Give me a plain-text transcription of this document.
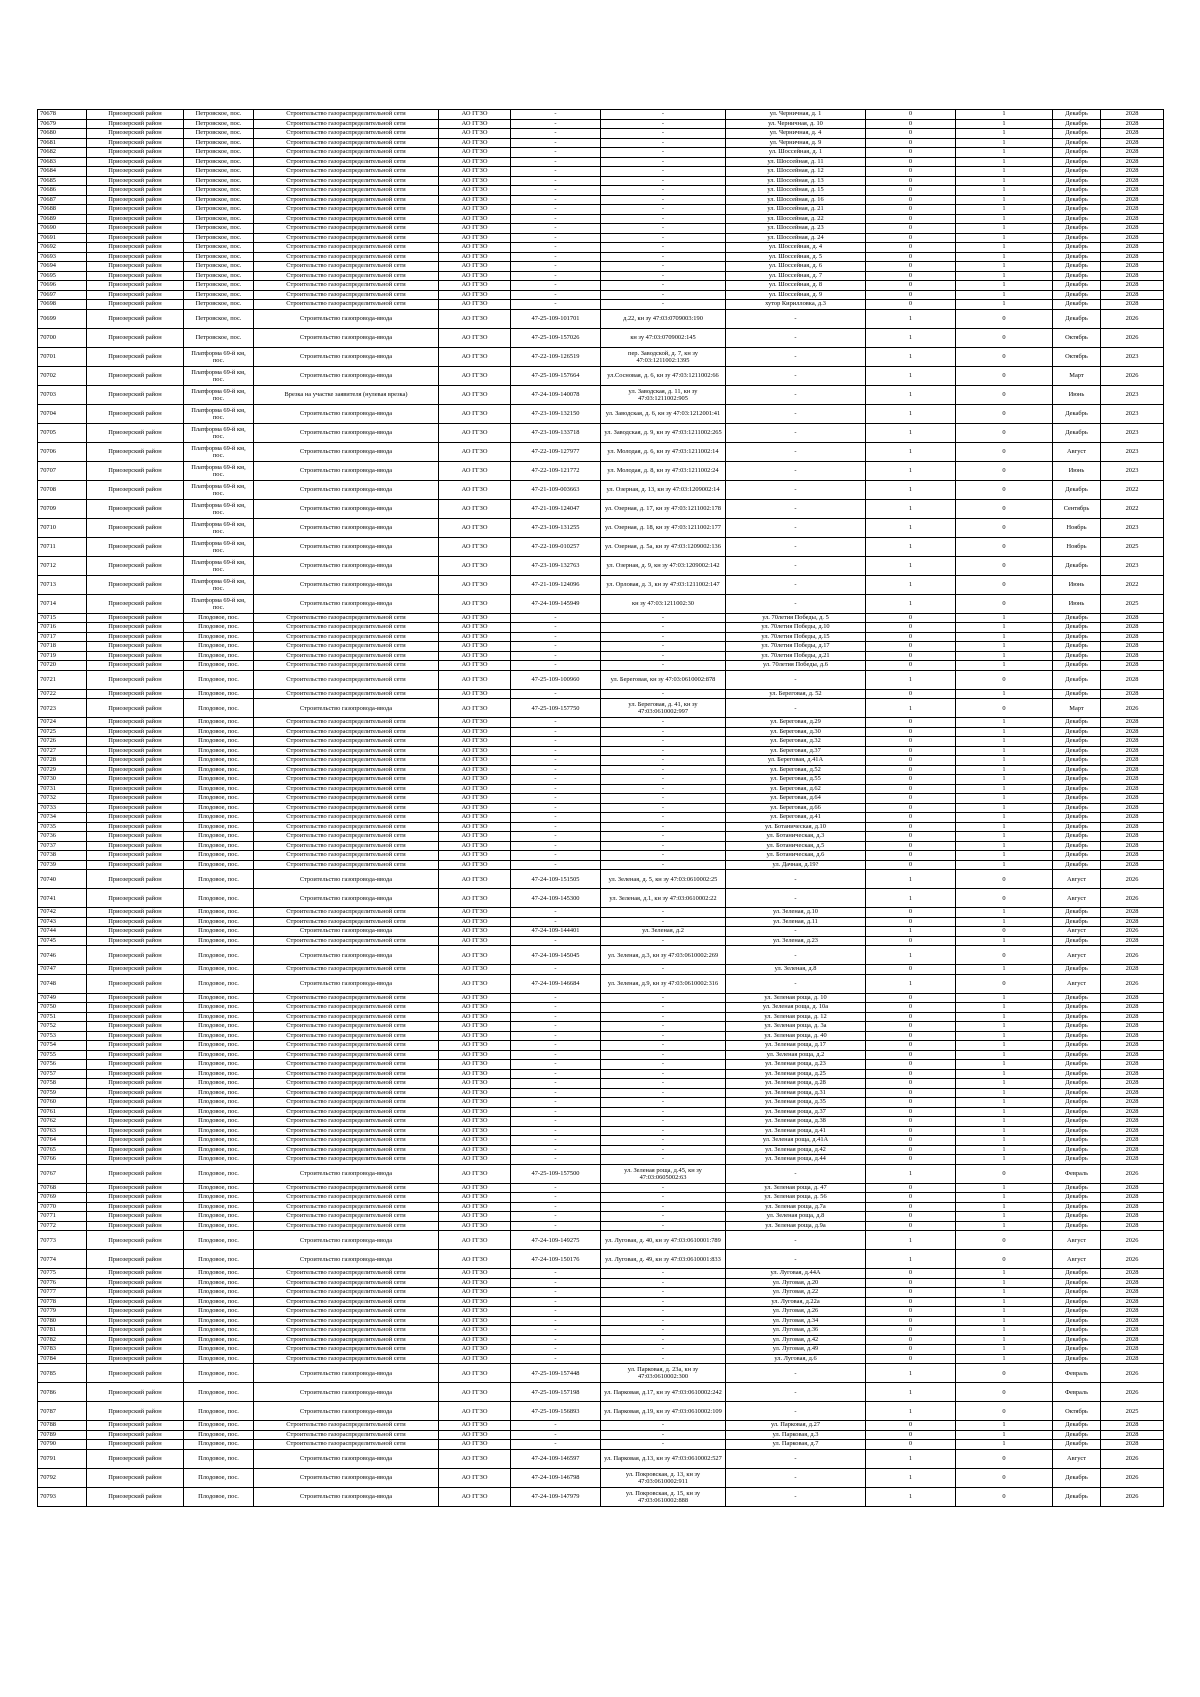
70678	Приозерский район	Петровское, пос.	Строительство газораспределительной сети	АО ГГЗО	-	-	ул. Черничная, д. 1	0	1	Декабрь	2028
70679	Приозерский район	Петровское, пос.	Строительство газораспределительной сети	АО ГГЗО	-	-	ул. Черничная, д. 10	0	1	Декабрь	2028
70680	Приозерский район	Петровское, пос.	Строительство газораспределительной сети	АО ГГЗО	-	-	ул. Черничная, д. 4	0	1	Декабрь	2028
70681	Приозерский район	Петровское, пос.	Строительство газораспределительной сети	АО ГГЗО	-	-	ул. Черничная, д. 9	0	1	Декабрь	2028
70682	Приозерский район	Петровское, пос.	Строительство газораспределительной сети	АО ГГЗО	-	-	ул. Шоссейная, д. 1	0	1	Декабрь	2028
70683	Приозерский район	Петровское, пос.	Строительство газораспределительной сети	АО ГГЗО	-	-	ул. Шоссейная, д. 11	0	1	Декабрь	2028
70684	Приозерский район	Петровское, пос.	Строительство газораспределительной сети	АО ГГЗО	-	-	ул. Шоссейная, д. 12	0	1	Декабрь	2028
70685	Приозерский район	Петровское, пос.	Строительство газораспределительной сети	АО ГГЗО	-	-	ул. Шоссейная, д. 13	0	1	Декабрь	2028
70686	Приозерский район	Петровское, пос.	Строительство газораспределительной сети	АО ГГЗО	-	-	ул. Шоссейная, д. 15	0	1	Декабрь	2028
70687	Приозерский район	Петровское, пос.	Строительство газораспределительной сети	АО ГГЗО	-	-	ул. Шоссейная, д. 16	0	1	Декабрь	2028
70688	Приозерский район	Петровское, пос.	Строительство газораспределительной сети	АО ГГЗО	-	-	ул. Шоссейная, д. 21	0	1	Декабрь	2028
70689	Приозерский район	Петровское, пос.	Строительство газораспределительной сети	АО ГГЗО	-	-	ул. Шоссейная, д. 22	0	1	Декабрь	2028
70690	Приозерский район	Петровское, пос.	Строительство газораспределительной сети	АО ГГЗО	-	-	ул. Шоссейная, д. 23	0	1	Декабрь	2028
70691	Приозерский район	Петровское, пос.	Строительство газораспределительной сети	АО ГГЗО	-	-	ул. Шоссейная, д. 24	0	1	Декабрь	2028
70692	Приозерский район	Петровское, пос.	Строительство газораспределительной сети	АО ГГЗО	-	-	ул. Шоссейная, д. 4	0	1	Декабрь	2028
70693	Приозерский район	Петровское, пос.	Строительство газораспределительной сети	АО ГГЗО	-	-	ул. Шоссейная, д. 5	0	1	Декабрь	2028
70694	Приозерский район	Петровское, пос.	Строительство газораспределительной сети	АО ГГЗО	-	-	ул. Шоссейная, д. 6	0	1	Декабрь	2028
70695	Приозерский район	Петровское, пос.	Строительство газораспределительной сети	АО ГГЗО	-	-	ул. Шоссейная, д. 7	0	1	Декабрь	2028
70696	Приозерский район	Петровское, пос.	Строительство газораспределительной сети	АО ГГЗО	-	-	ул. Шоссейная, д. 8	0	1	Декабрь	2028
70697	Приозерский район	Петровское, пос.	Строительство газораспределительной сети	АО ГГЗО	-	-	ул. Шоссейная, д. 9	0	1	Декабрь	2028
70698	Приозерский район	Петровское, пос.	Строительство газораспределительной сети	АО ГГЗО	-	-	хутор Кирилловка, д.3	0	1	Декабрь	2028
70699	Приозерский район	Петровское, пос.	Строительство газопровода-ввода	АО ГГЗО	47-25-109-101701	д.22, кн зу 47:03:0709003:190	-	1	0	Декабрь	2026
70700	Приозерский район	Петровское, пос.	Строительство газопровода-ввода	АО ГГЗО	47-25-109-157026	кн зу 47:03:0709002:145	-	1	0	Октябрь	2026
70701	Приозерский район	Платформа 69-й км, пос.	Строительство газопровода-ввода	АО ГГЗО	47-22-109-126519	пер. Заводской, д. 7, кн зу 47:03:1211002:1395	-	1	0	Октябрь	2023
70702	Приозерский район	Платформа 69-й км, пос.	Строительство газопровода-ввода	АО ГГЗО	47-25-109-157664	ул.Сосновая, д. 6, кн зу 47:03:1211002:66	-	1	0	Март	2026
70703	Приозерский район	Платформа 69-й км, пос.	Врезка на участке заявителя (нулевая врезка)	АО ГГЗО	47-24-109-140078	ул. Заводская, д. 11, кн зу 47:03:1211002:905	-	1	0	Июнь	2023
70704	Приозерский район	Платформа 69-й км, пос.	Строительство газопровода-ввода	АО ГГЗО	47-23-109-132150	ул. Заводская, д. 6, кн зу 47:03:1212001:41	-	1	0	Декабрь	2023
70705	Приозерский район	Платформа 69-й км, пос.	Строительство газопровода-ввода	АО ГГЗО	47-23-109-133718	ул. Заводская, д. 9, кн зу 47:03:1211002:265	-	1	0	Декабрь	2023
70706	Приозерский район	Платформа 69-й км, пос.	Строительство газопровода-ввода	АО ГГЗО	47-22-109-127977	ул. Молодая, д. 6, кн зу 47:03:1211002:14	-	1	0	Август	2023
70707	Приозерский район	Платформа 69-й км, пос.	Строительство газопровода-ввода	АО ГГЗО	47-22-109-121772	ул. Молодая, д. 8, кн зу 47:03:1211002:24	-	1	0	Июнь	2023
70708	Приозерский район	Платформа 69-й км, пос.	Строительство газопровода-ввода	АО ГГЗО	47-21-109-003663	ул. Озерная, д. 13, кн зу 47:03:1209002:14	-	1	0	Декабрь	2022
70709	Приозерский район	Платформа 69-й км, пос.	Строительство газопровода-ввода	АО ГГЗО	47-21-109-124047	ул. Озерная, д. 17, кн зу 47:03:1211002:178	-	1	0	Сентябрь	2022
70710	Приозерский район	Платформа 69-й км, пос.	Строительство газопровода-ввода	АО ГГЗО	47-23-109-131255	ул. Озерная, д. 18, кн зу 47:03:1211002:177	-	1	0	Ноябрь	2023
70711	Приозерский район	Платформа 69-й км, пос.	Строительство газопровода-ввода	АО ГГЗО	47-22-109-010257	ул. Озерная, д. 5а, кн зу 47:03:1209002:136	-	1	0	Ноябрь	2025
70712	Приозерский район	Платформа 69-й км, пос.	Строительство газопровода-ввода	АО ГГЗО	47-23-109-132763	ул. Озерная, д. 9, кн зу 47:03:1209002:142	-	1	0	Декабрь	2023
70713	Приозерский район	Платформа 69-й км, пос.	Строительство газопровода-ввода	АО ГГЗО	47-21-109-124096	ул. Орловая, д. 3, кн зу 47:03:1211002:147	-	1	0	Июнь	2022
70714	Приозерский район	Платформа 69-й км, пос.	Строительство газопровода-ввода	АО ГГЗО	47-24-109-145949	кн зу 47:03:1211002:30	-	1	0	Июнь	2025
70715	Приозерский район	Плодовое, пос.	Строительство газораспределительной сети	АО ГГЗО	-	-	ул. 70летия Победы, д. 5	0	1	Декабрь	2028
70716	Приозерский район	Плодовое, пос.	Строительство газораспределительной сети	АО ГГЗО	-	-	ул. 70летия Победы, д.10	0	1	Декабрь	2028
70717	Приозерский район	Плодовое, пос.	Строительство газораспределительной сети	АО ГГЗО	-	-	ул. 70летия Победы, д.15	0	1	Декабрь	2028
70718	Приозерский район	Плодовое, пос.	Строительство газораспределительной сети	АО ГГЗО	-	-	ул. 70летия Победы, д.17	0	1	Декабрь	2028
70719	Приозерский район	Плодовое, пос.	Строительство газораспределительной сети	АО ГГЗО	-	-	ул. 70летия Победы, д.21	0	1	Декабрь	2028
70720	Приозерский район	Плодовое, пос.	Строительство газораспределительной сети	АО ГГЗО	-	-	ул. 70летия Победы, д.6	0	1	Декабрь	2028
70721	Приозерский район	Плодовое, пос.	Строительство газораспределительной сети	АО ГГЗО	47-25-109-100960	ул. Береговая, кн зу 47:03:0610002:878	-	1	0	Декабрь	2028
70722	Приозерский район	Плодовое, пос.	Строительство газораспределительной сети	АО ГГЗО	-	-	ул. Береговая, д. 52	0	1	Декабрь	2028
70723	Приозерский район	Плодовое, пос.	Строительство газопровода-ввода	АО ГГЗО	47-25-109-157750	ул. Береговая, д. 41, кн зу 47:03:0610002:997	-	1	0	Март	2026
70724	Приозерский район	Плодовое, пос.	Строительство газораспределительной сети	АО ГГЗО	-	-	ул. Береговая, д.29	0	1	Декабрь	2028
70725	Приозерский район	Плодовое, пос.	Строительство газораспределительной сети	АО ГГЗО	-	-	ул. Береговая, д.30	0	1	Декабрь	2028
70726	Приозерский район	Плодовое, пос.	Строительство газораспределительной сети	АО ГГЗО	-	-	ул. Береговая, д.32	0	1	Декабрь	2028
70727	Приозерский район	Плодовое, пос.	Строительство газораспределительной сети	АО ГГЗО	-	-	ул. Береговая, д.37	0	1	Декабрь	2028
70728	Приозерский район	Плодовое, пос.	Строительство газораспределительной сети	АО ГГЗО	-	-	ул. Береговая, д.41А	0	1	Декабрь	2028
70729	Приозерский район	Плодовое, пос.	Строительство газораспределительной сети	АО ГГЗО	-	-	ул. Береговая, д.52	0	1	Декабрь	2028
70730	Приозерский район	Плодовое, пос.	Строительство газораспределительной сети	АО ГГЗО	-	-	ул. Береговая, д.55	0	1	Декабрь	2028
70731	Приозерский район	Плодовое, пос.	Строительство газораспределительной сети	АО ГГЗО	-	-	ул. Береговая, д.62	0	1	Декабрь	2028
70732	Приозерский район	Плодовое, пос.	Строительство газораспределительной сети	АО ГГЗО	-	-	ул. Береговая, д.64	0	1	Декабрь	2028
70733	Приозерский район	Плодовое, пос.	Строительство газораспределительной сети	АО ГГЗО	-	-	ул. Береговая, д.66	0	1	Декабрь	2028
70734	Приозерский район	Плодовое, пос.	Строительство газораспределительной сети	АО ГГЗО	-	-	ул. Береговая, д.41	0	1	Декабрь	2028
70735	Приозерский район	Плодовое, пос.	Строительство газораспределительной сети	АО ГГЗО	-	-	ул. Ботаническая, д.10	0	1	Декабрь	2028
70736	Приозерский район	Плодовое, пос.	Строительство газораспределительной сети	АО ГГЗО	-	-	ул. Ботаническая, д.3	0	1	Декабрь	2028
70737	Приозерский район	Плодовое, пос.	Строительство газораспределительной сети	АО ГГЗО	-	-	ул. Ботаническая, д.5	0	1	Декабрь	2028
70738	Приозерский район	Плодовое, пос.	Строительство газораспределительной сети	АО ГГЗО	-	-	ул. Ботаническая, д.6	0	1	Декабрь	2028
70739	Приозерский район	Плодовое, пос.	Строительство газораспределительной сети	АО ГГЗО	-	-	ул. Дачная, д.19?	0	1	Декабрь	2028
70740	Приозерский район	Плодовое, пос.	Строительство газопровода-ввода	АО ГГЗО	47-24-109-151505	ул. Зеленая, д. 5, кн зу 47:03:0610002:25	-	1	0	Август	2026
70741	Приозерский район	Плодовое, пос.	Строительство газопровода-ввода	АО ГГЗО	47-24-109-145300	ул. Зеленая, д.1, кн зу 47:03:0610002:22	-	1	0	Август	2026
70742	Приозерский район	Плодовое, пос.	Строительство газораспределительной сети	АО ГГЗО	-	-	ул. Зеленая, д.10	0	1	Декабрь	2028
70743	Приозерский район	Плодовое, пос.	Строительство газораспределительной сети	АО ГГЗО	-	-	ул. Зеленая, д.11	0	1	Декабрь	2028
70744	Приозерский район	Плодовое, пос.	Строительство газопровода-ввода	АО ГГЗО	47-24-109-144401	ул. Зеленая, д.2	-	1	0	Август	2026
70745	Приозерский район	Плодовое, пос.	Строительство газораспределительной сети	АО ГГЗО	-	-	ул. Зеленая, д.23	0	1	Декабрь	2028
70746	Приозерский район	Плодовое, пос.	Строительство газопровода-ввода	АО ГГЗО	47-24-109-145045	ул. Зеленая, д.3, кн зу 47:03:0610002:269	-	1	0	Август	2026
70747	Приозерский район	Плодовое, пос.	Строительство газораспределительной сети	АО ГГЗО	-	-	ул. Зеленая, д.8	0	1	Декабрь	2028
70748	Приозерский район	Плодовое, пос.	Строительство газопровода-ввода	АО ГГЗО	47-24-109-146684	ул. Зеленая, д.9, кн зу 47:03:0610002:316	-	1	0	Август	2026
70749	Приозерский район	Плодовое, пос.	Строительство газораспределительной сети	АО ГГЗО	-	-	ул. Зеленая роща, д. 10	0	1	Декабрь	2028
70750	Приозерский район	Плодовое, пос.	Строительство газораспределительной сети	АО ГГЗО	-	-	ул. Зеленая роща, д. 10а	0	1	Декабрь	2028
70751	Приозерский район	Плодовое, пос.	Строительство газораспределительной сети	АО ГГЗО	-	-	ул. Зеленая роща, д. 12	0	1	Декабрь	2028
70752	Приозерский район	Плодовое, пос.	Строительство газораспределительной сети	АО ГГЗО	-	-	ул. Зеленая роща, д. 3а	0	1	Декабрь	2028
70753	Приозерский район	Плодовое, пос.	Строительство газораспределительной сети	АО ГГЗО	-	-	ул. Зеленая роща, д. 40	0	1	Декабрь	2028
70754	Приозерский район	Плодовое, пос.	Строительство газораспределительной сети	АО ГГЗО	-	-	ул. Зеленая роща, д.17	0	1	Декабрь	2028
70755	Приозерский район	Плодовое, пос.	Строительство газораспределительной сети	АО ГГЗО	-	-	ул. Зеленая роща, д.2	0	1	Декабрь	2028
70756	Приозерский район	Плодовое, пос.	Строительство газораспределительной сети	АО ГГЗО	-	-	ул. Зеленая роща, д.23	0	1	Декабрь	2028
70757	Приозерский район	Плодовое, пос.	Строительство газораспределительной сети	АО ГГЗО	-	-	ул. Зеленая роща, д.25	0	1	Декабрь	2028
70758	Приозерский район	Плодовое, пос.	Строительство газораспределительной сети	АО ГГЗО	-	-	ул. Зеленая роща, д.28	0	1	Декабрь	2028
70759	Приозерский район	Плодовое, пос.	Строительство газораспределительной сети	АО ГГЗО	-	-	ул. Зеленая роща, д.31	0	1	Декабрь	2028
70760	Приозерский район	Плодовое, пос.	Строительство газораспределительной сети	АО ГГЗО	-	-	ул. Зеленая роща, д.35	0	1	Декабрь	2028
70761	Приозерский район	Плодовое, пос.	Строительство газораспределительной сети	АО ГГЗО	-	-	ул. Зеленая роща, д.37	0	1	Декабрь	2028
70762	Приозерский район	Плодовое, пос.	Строительство газораспределительной сети	АО ГГЗО	-	-	ул. Зеленая роща, д.38	0	1	Декабрь	2028
70763	Приозерский район	Плодовое, пос.	Строительство газораспределительной сети	АО ГГЗО	-	-	ул. Зеленая роща, д.41	0	1	Декабрь	2028
70764	Приозерский район	Плодовое, пос.	Строительство газораспределительной сети	АО ГГЗО	-	-	ул. Зеленая роща, д.41А	0	1	Декабрь	2028
70765	Приозерский район	Плодовое, пос.	Строительство газораспределительной сети	АО ГГЗО	-	-	ул. Зеленая роща, д.42	0	1	Декабрь	2028
70766	Приозерский район	Плодовое, пос.	Строительство газораспределительной сети	АО ГГЗО	-	-	ул. Зеленая роща, д.44	0	1	Декабрь	2028
70767	Приозерский район	Плодовое, пос.	Строительство газопровода-ввода	АО ГГЗО	47-25-109-157500	ул. Зеленая роща, д.45, кн зу 47:03:0605002:63	-	1	0	Февраль	2026
70768	Приозерский район	Плодовое, пос.	Строительство газораспределительной сети	АО ГГЗО	-	-	ул. Зеленая роща, д. 47	0	1	Декабрь	2028
70769	Приозерский район	Плодовое, пос.	Строительство газораспределительной сети	АО ГГЗО	-	-	ул. Зеленая роща, д. 56	0	1	Декабрь	2028
70770	Приозерский район	Плодовое, пос.	Строительство газораспределительной сети	АО ГГЗО	-	-	ул. Зеленая роща, д.7а	0	1	Декабрь	2028
70771	Приозерский район	Плодовое, пос.	Строительство газораспределительной сети	АО ГГЗО	-	-	ул. Зеленая роща, д.8	0	1	Декабрь	2028
70772	Приозерский район	Плодовое, пос.	Строительство газораспределительной сети	АО ГГЗО	-	-	ул. Зеленая роща, д.9а	0	1	Декабрь	2028
70773	Приозерский район	Плодовое, пос.	Строительство газопровода-ввода	АО ГГЗО	47-24-109-149275	ул. Луговая, д. 40, кн зу 47:03:0610001:789	-	1	0	Август	2026
70774	Приозерский район	Плодовое, пос.	Строительство газопровода-ввода	АО ГГЗО	47-24-109-150176	ул. Луговая, д. 49, кн зу 47:03:0610001:833	-	1	0	Август	2026
70775	Приозерский район	Плодовое, пос.	Строительство газораспределительной сети	АО ГГЗО	-	-	ул. Луговая, д.44А	0	1	Декабрь	2028
70776	Приозерский район	Плодовое, пос.	Строительство газораспределительной сети	АО ГГЗО	-	-	ул. Луговая, д.20	0	1	Декабрь	2028
70777	Приозерский район	Плодовое, пос.	Строительство газораспределительной сети	АО ГГЗО	-	-	ул. Луговая, д.22	0	1	Декабрь	2028
70778	Приозерский район	Плодовое, пос.	Строительство газораспределительной сети	АО ГГЗО	-	-	ул. Луговая, д.22а	0	1	Декабрь	2028
70779	Приозерский район	Плодовое, пос.	Строительство газораспределительной сети	АО ГГЗО	-	-	ул. Луговая, д.26	0	1	Декабрь	2028
70780	Приозерский район	Плодовое, пос.	Строительство газораспределительной сети	АО ГГЗО	-	-	ул. Луговая, д.34	0	1	Декабрь	2028
70781	Приозерский район	Плодовое, пос.	Строительство газораспределительной сети	АО ГГЗО	-	-	ул. Луговая, д.36	0	1	Декабрь	2028
70782	Приозерский район	Плодовое, пос.	Строительство газораспределительной сети	АО ГГЗО	-	-	ул. Луговая, д.42	0	1	Декабрь	2028
70783	Приозерский район	Плодовое, пос.	Строительство газораспределительной сети	АО ГГЗО	-	-	ул. Луговая, д.49	0	1	Декабрь	2028
70784	Приозерский район	Плодовое, пос.	Строительство газораспределительной сети	АО ГГЗО	-	-	ул. Луговая, д.6	0	1	Декабрь	2028
70785	Приозерский район	Плодовое, пос.	Строительство газопровода-ввода	АО ГГЗО	47-25-109-157448	ул. Парковая, д. 23а, кн зу 47:03:0610002:300	-	1	0	Февраль	2026
70786	Приозерский район	Плодовое, пос.	Строительство газопровода-ввода	АО ГГЗО	47-25-109-157198	ул. Парковая, д.17, кн зу 47:03:0610002:242	-	1	0	Февраль	2026
70787	Приозерский район	Плодовое, пос.	Строительство газопровода-ввода	АО ГГЗО	47-25-109-156893	ул. Парковая, д.19, кн зу 47:03:0610002:109	-	1	0	Октябрь	2025
70788	Приозерский район	Плодовое, пос.	Строительство газораспределительной сети	АО ГГЗО	-	-	ул. Парковая, д.27	0	1	Декабрь	2028
70789	Приозерский район	Плодовое, пос.	Строительство газораспределительной сети	АО ГГЗО	-	-	ул. Парковая, д.3	0	1	Декабрь	2028
70790	Приозерский район	Плодовое, пос.	Строительство газораспределительной сети	АО ГГЗО	-	-	ул. Парковая, д.7	0	1	Декабрь	2028
70791	Приозерский район	Плодовое, пос.	Строительство газопровода-ввода	АО ГГЗО	47-24-109-146597	ул. Парковая, д.13, кн зу 47:03:0610002:527	-	1	0	Август	2026
70792	Приозерский район	Плодовое, пос.	Строительство газопровода-ввода	АО ГГЗО	47-24-109-146798	ул. Покровская, д. 13, кн зу 47:03:0610002:911	-	1	0	Декабрь	2026
70793	Приозерский район	Плодовое, пос.	Строительство газопровода-ввода	АО ГГЗО	47-24-109-147979	ул. Покровская, д. 15, кн зу 47:03:0610002:888	-	1	0	Декабрь	2026
